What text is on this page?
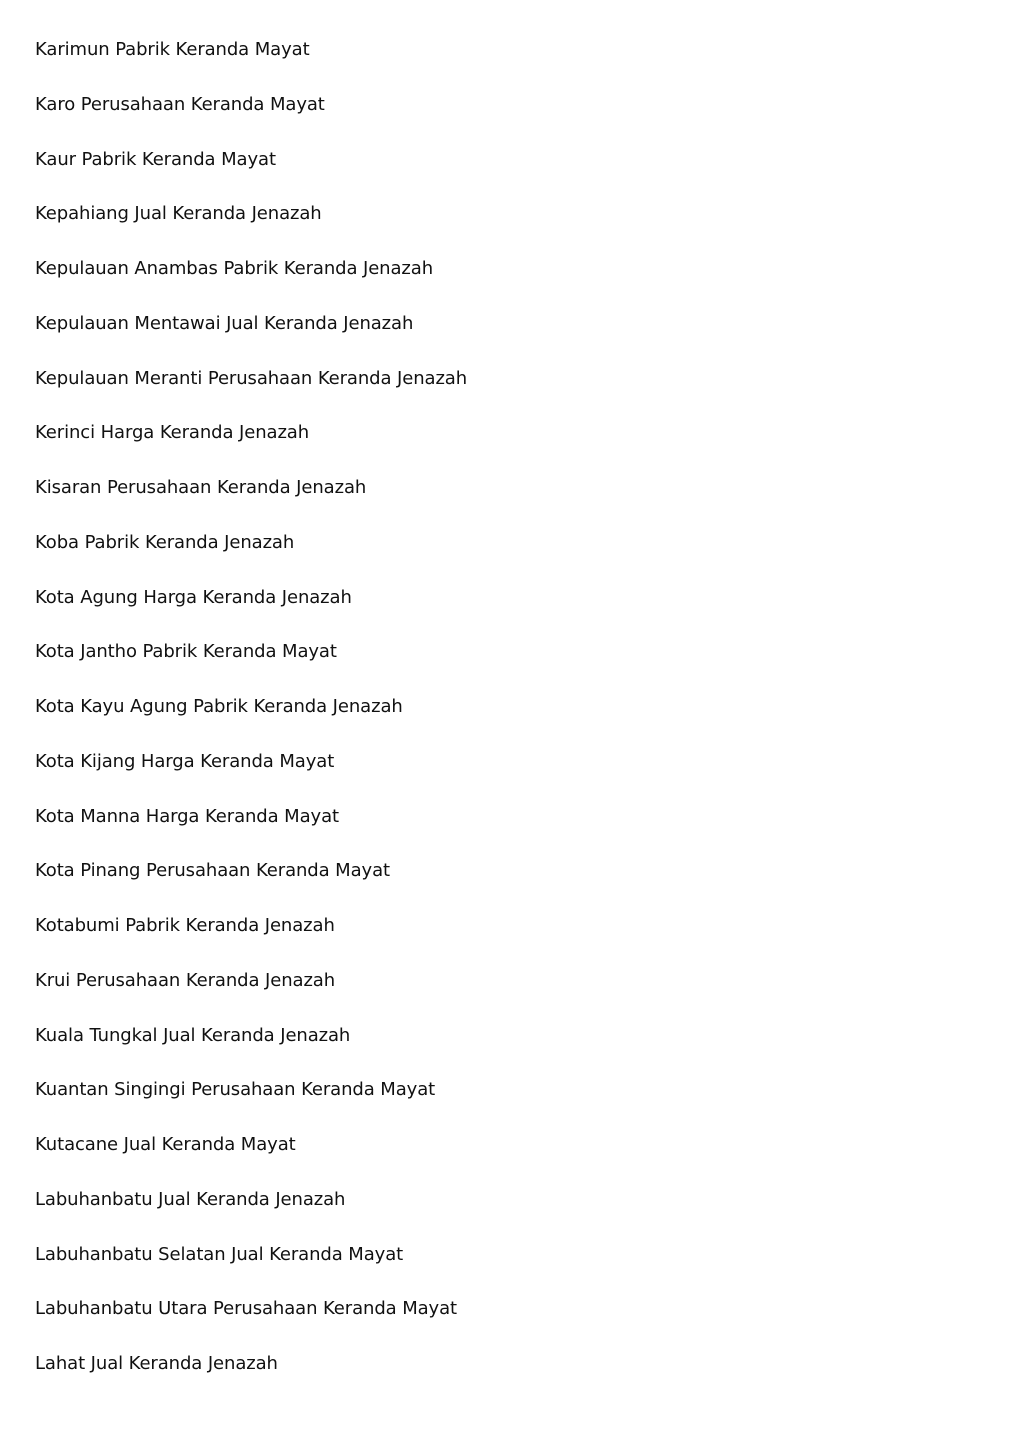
Karimun Pabrik Keranda Mayat
Karo Perusahaan Keranda Mayat
Kaur Pabrik Keranda Mayat
Kepahiang Jual Keranda Jenazah
Kepulauan Anambas Pabrik Keranda Jenazah
Kepulauan Mentawai Jual Keranda Jenazah
Kepulauan Meranti Perusahaan Keranda Jenazah
Kerinci Harga Keranda Jenazah
Kisaran Perusahaan Keranda Jenazah
Koba Pabrik Keranda Jenazah
Kota Agung Harga Keranda Jenazah
Kota Jantho Pabrik Keranda Mayat
Kota Kayu Agung Pabrik Keranda Jenazah
Kota Kijang Harga Keranda Mayat
Kota Manna Harga Keranda Mayat
Kota Pinang Perusahaan Keranda Mayat
Kotabumi Pabrik Keranda Jenazah
Krui Perusahaan Keranda Jenazah
Kuala Tungkal Jual Keranda Jenazah
Kuantan Singingi Perusahaan Keranda Mayat
Kutacane Jual Keranda Mayat
Labuhanbatu Jual Keranda Jenazah
Labuhanbatu Selatan Jual Keranda Mayat
Labuhanbatu Utara Perusahaan Keranda Mayat
Lahat Jual Keranda Jenazah
